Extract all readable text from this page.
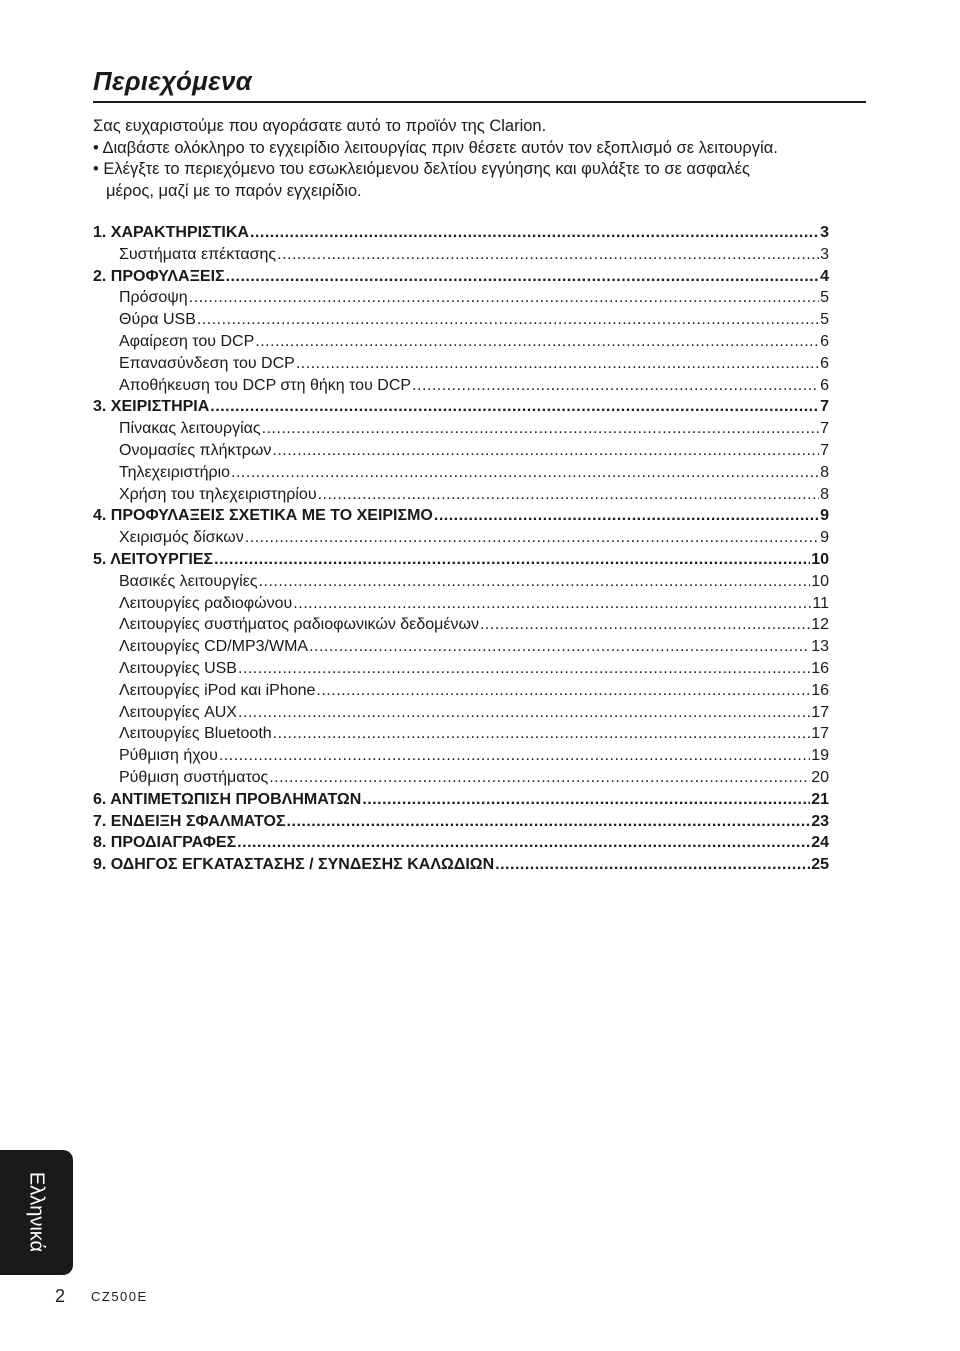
Περιεχόμενα
Σας ευχαριστούμε που αγοράσατε αυτό το προϊόν της Clarion.
• Διαβάστε ολόκληρο το εγχειρίδιο λειτουργίας πριν θέσετε αυτόν τον εξοπλισμό σε λειτουργία.
• Ελέγξτε το περιεχόμενο του εσωκλειόμενου δελτίου εγγύησης και φυλάξτε το σε ασφαλές
μέρος, μαζί με το παρόν εγχειρίδιο.
1. ΧΑΡΑΚΤΗΡΙΣΤΙΚΑ .....	3
Συστήματα επέκτασης .....	3
2. ΠΡΟΦΥΛΑΞΕΙΣ .....	4
Πρόσοψη .....	5
Θύρα USB .....	5
Αφαίρεση του DCP .....	6
Επανασύνδεση του DCP .....	6
Αποθήκευση του DCP στη θήκη του DCP .....	6
3. ΧΕΙΡΙΣΤΗΡΙΑ .....	7
Πίνακας λειτουργίας .....	7
Ονομασίες πλήκτρων .....	7
Τηλεχειριστήριο .....	8
Χρήση του τηλεχειριστηρίου .....	8
4. ΠΡΟΦΥΛΑΞΕΙΣ ΣΧΕΤΙΚΑ ΜΕ ΤΟ ΧΕΙΡΙΣΜΟ .....	9
Χειρισμός δίσκων .....	9
5. ΛΕΙΤΟΥΡΓΙΕΣ .....	10
Βασικές λειτουργίες .....	10
Λειτουργίες ραδιοφώνου .....	11
Λειτουργίες συστήματος ραδιοφωνικών δεδομένων .....	12
Λειτουργίες CD/MP3/WMA .....	13
Λειτουργίες USB .....	16
Λειτουργίες iPod και iPhone .....	16
Λειτουργίες AUX .....	17
Λειτουργίες Bluetooth .....	17
Ρύθμιση ήχου .....	19
Ρύθμιση συστήματος .....	20
6. ΑΝΤΙΜΕΤΩΠΙΣΗ ΠΡΟΒΛΗΜΑΤΩΝ .....	21
7. ΕΝΔΕΙΞΗ ΣΦΑΛΜΑΤΟΣ .....	23
8. ΠΡΟΔΙΑΓΡΑΦΕΣ .....	24
9. ΟΔΗΓΟΣ ΕΓΚΑΤΑΣΤΑΣΗΣ / ΣΥΝΔΕΣΗΣ ΚΑΛΩΔΙΩΝ .....	25
Ελληνικά
2 CZ500E
